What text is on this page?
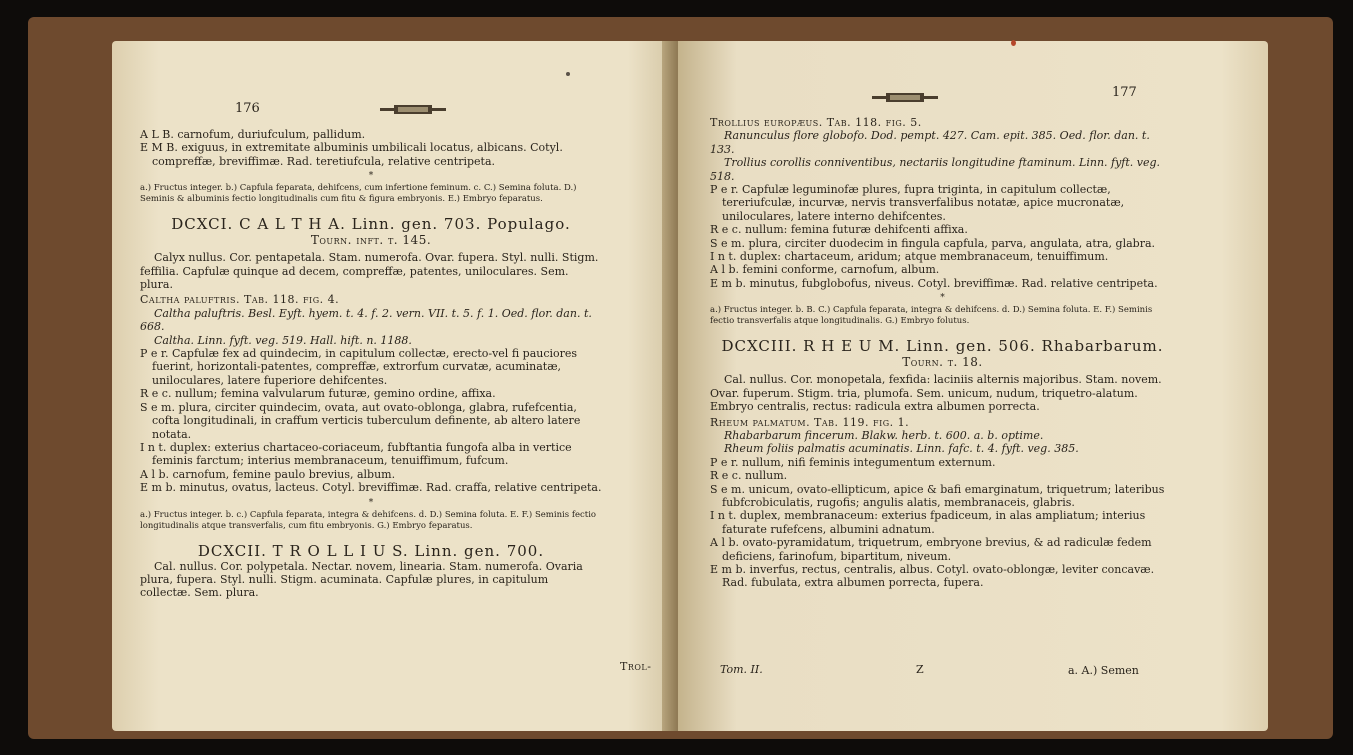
176

A L B. carnofum, duriufculum, pallidum.

E M B. exiguus, in extremitate albuminis umbilicali locatus, albicans. Cotyl. compreffæ, breviffimæ. Rad. teretiufcula, relative centripeta.

*

a.) Fructus integer. b.) Capfula feparata, dehifcens, cum infertione feminum. c. C.) Semina foluta. D.) Seminis & albuminis fectio longitudinalis cum fitu & figura embryonis. E.) Embryo feparatus.

DCXCI. C A L T H A. Linn. gen. 703. Populago.
Tourn. inft. t. 145.

Calyx nullus. Cor. pentapetala. Stam. numerofa. Ovar. fupera. Styl. nulli. Stigm. feffilia. Capfulæ quinque ad decem, compreffæ, patentes, uniloculares. Sem. plura.

Caltha paluftris. Tab. 118. fig. 4.

Caltha paluftris. Besl. Eyft. hyem. t. 4. f. 2. vern. VII. t. 5. f. 1. Oed. flor. dan. t. 668.

Caltha. Linn. fyft. veg. 519. Hall. hift. n. 1188.

P e r. Capfulæ fex ad quindecim, in capitulum collectæ, erecto-vel fi pauciores fuerint, horizontali-patentes, compreffæ, extrorfum curvatæ, acuminatæ, uniloculares, latere fuperiore dehifcentes.

R e c. nullum; femina valvularum futuræ, gemino ordine, affixa.

S e m. plura, circiter quindecim, ovata, aut ovato-oblonga, glabra, rufefcentia, cofta longitudinali, in craffum verticis tuberculum definente, ab altero latere notata.

I n t. duplex: exterius chartaceo-coriaceum, fubftantia fungofa alba in vertice feminis farctum; interius membranaceum, tenuiffimum, fufcum.

A l b. carnofum, femine paulo brevius, album.

E m b. minutus, ovatus, lacteus. Cotyl. breviffimæ. Rad. craffa, relative centripeta.

*

a.) Fructus integer. b. c.) Capfula feparata, integra & dehifcens. d. D.) Semina foluta. E. F.) Seminis fectio longitudinalis atque transverfalis, cum fitu embryonis. G.) Embryo feparatus.

DCXCII. T R O L L I U S. Linn. gen. 700.

Cal. nullus. Cor. polypetala. Nectar. novem, linearia. Stam. numerofa. Ovaria plura, fupera. Styl. nulli. Stigm. acuminata. Capfulæ plures, in capitulum collectæ. Sem. plura.

Trol-
177

Trollius europæus. Tab. 118. fig. 5.

Ranunculus flore globofo. Dod. pempt. 427. Cam. epit. 385. Oed. flor. dan. t. 133.

Trollius corollis conniventibus, nectariis longitudine ftaminum. Linn. fyft. veg. 518.

P e r. Capfulæ leguminofæ plures, fupra triginta, in capitulum collectæ, tereriufculæ, incurvæ, nervis transverfalibus notatæ, apice mucronatæ, uniloculares, latere interno dehifcentes.

R e c. nullum: femina futuræ dehifcenti affixa.

S e m. plura, circiter duodecim in fingula capfula, parva, angulata, atra, glabra.

I n t. duplex: chartaceum, aridum; atque membranaceum, tenuiffimum.

A l b. femini conforme, carnofum, album.

E m b. minutus, fubglobofus, niveus. Cotyl. breviffimæ. Rad. relative centripeta.

*

a.) Fructus integer. b. B. C.) Capfula feparata, integra & dehifcens. d. D.) Semina foluta. E. F.) Seminis fectio transverfalis atque longitudinalis. G.) Embryo folutus.

DCXCIII. R H E U M. Linn. gen. 506. Rhabarbarum.
Tourn. t. 18.

Cal. nullus. Cor. monopetala, fexfida: laciniis alternis majoribus. Stam. novem. Ovar. fuperum. Stigm. tria, plumofa. Sem. unicum, nudum, triquetro-alatum. Embryo centralis, rectus: radicula extra albumen porrecta.

Rheum palmatum. Tab. 119. fig. 1.

Rhabarbarum fincerum. Blakw. herb. t. 600. a. b. optime.

Rheum foliis palmatis acuminatis. Linn. fafc. t. 4. fyft. veg. 385.

P e r. nullum, nifi feminis integumentum externum.

R e c. nullum.

S e m. unicum, ovato-ellipticum, apice & bafi emarginatum, triquetrum; lateribus fubfcrobiculatis, rugofis; angulis alatis, membranaceis, glabris.

I n t. duplex, membranaceum: exterius fpadiceum, in alas ampliatum; interius faturate rufefcens, albumini adnatum.

A l b. ovato-pyramidatum, triquetrum, embryone brevius, & ad radiculæ fedem deficiens, farinofum, bipartitum, niveum.

E m b. inverfus, rectus, centralis, albus. Cotyl. ovato-oblongæ, leviter concavæ. Rad. fubulata, extra albumen porrecta, fupera.

Tom. II.	Z	a. A.) Semen
